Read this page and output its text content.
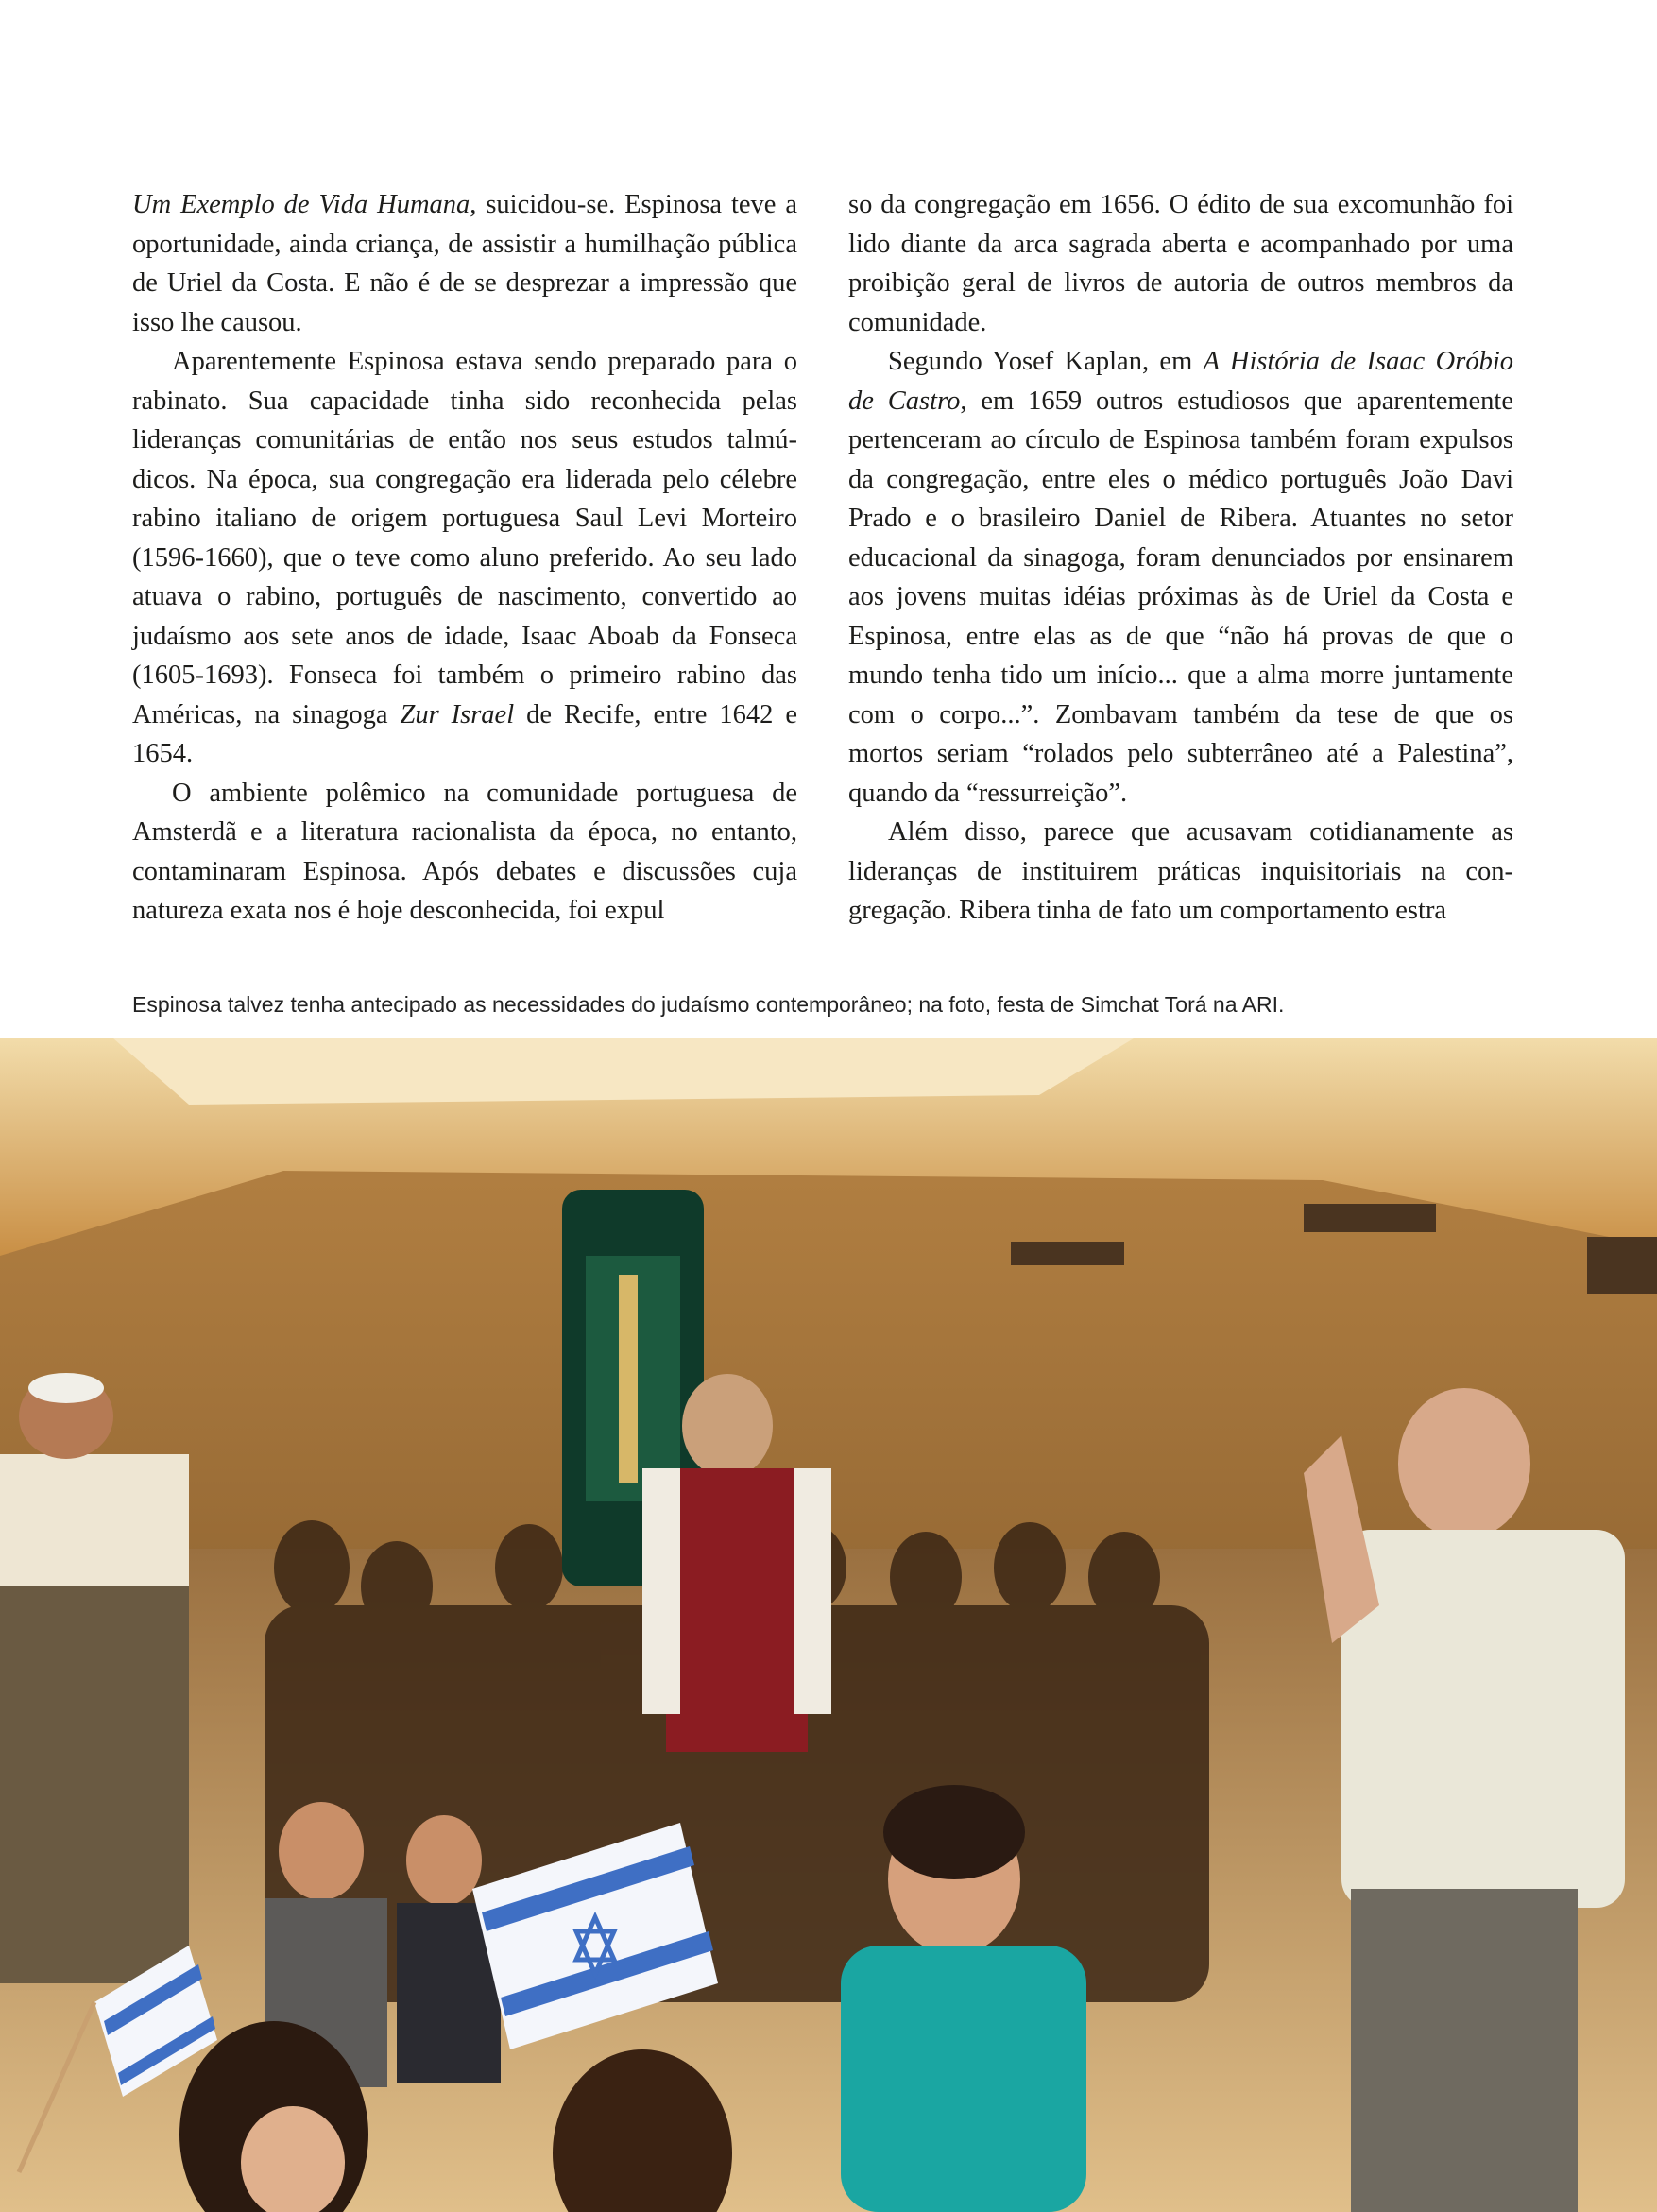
Um Exemplo de Vida Humana, suicidou-se. Espinosa teve a oportunidade, ainda criança, de assistir a humilhação pública de Uriel da Costa. E não é de se desprezar a impressão que isso lhe causou.

Aparentemente Espinosa estava sendo preparado para o rabinato. Sua capacidade tinha sido reconhecida pelas lideranças comunitárias de então nos seus estudos talmúdicos. Na época, sua congregação era liderada pelo célebre rabino italiano de origem portuguesa Saul Levi Morteiro (1596-1660), que o teve como aluno preferido. Ao seu lado atuava o rabino, português de nascimento, convertido ao judaísmo aos sete anos de idade, Isaac Aboab da Fonseca (1605-1693). Fonseca foi também o primeiro rabino das Américas, na sinagoga Zur Israel de Recife, entre 1642 e 1654.

O ambiente polêmico na comunidade portuguesa de Amsterdã e a literatura racionalista da época, no entanto, contaminaram Espinosa. Após debates e discussões cuja natureza exata nos é hoje desconhecida, foi expul

so da congregação em 1656. O édito de sua excomunhão foi lido diante da arca sagrada aberta e acompanhado por uma proibição geral de livros de autoria de outros membros da comunidade.

Segundo Yosef Kaplan, em A História de Isaac Oróbio de Castro, em 1659 outros estudiosos que aparentemente pertenceram ao círculo de Espinosa também foram expulsos da congregação, entre eles o médico português João Davi Prado e o brasileiro Daniel de Ribera. Atuantes no setor educacional da sinagoga, foram denunciados por ensinarem aos jovens muitas idéias próximas às de Uriel da Costa e Espinosa, entre elas as de que “não há provas de que o mundo tenha tido um início... que a alma morre juntamente com o corpo...”. Zombavam também da tese de que os mortos seriam “rolados pelo subterrâneo até a Palestina”, quando da “ressurreição”.

Além disso, parece que acusavam cotidianamente as lideranças de instituirem práticas inquisitoriais na congregação. Ribera tinha de fato um comportamento estra

Espinosa talvez tenha antecipado as necessidades do judaísmo contemporâneo; na foto, festa de Simchat Torá na ARI.
